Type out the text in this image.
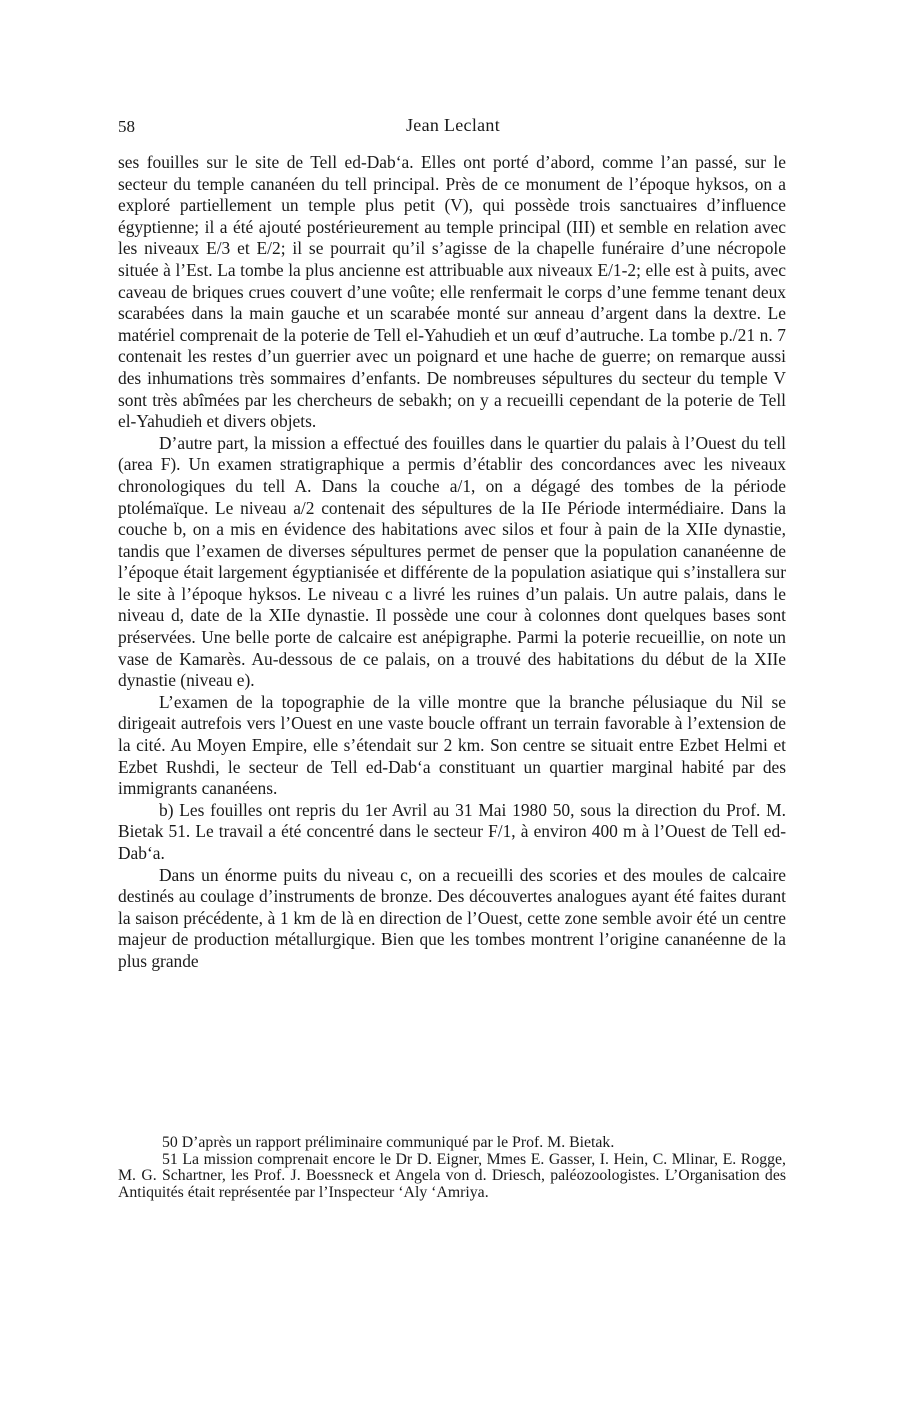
58	Jean Leclant

ses fouilles sur le site de Tell ed-Dab‘a. Elles ont porté d’abord, comme l’an passé, sur le secteur du temple cananéen du tell principal. Près de ce monument de l’époque hyksos, on a exploré partiellement un temple plus petit (V), qui possède trois sanctuaires d’influence égyptienne; il a été ajouté postérieurement au temple principal (III) et semble en relation avec les niveaux E/3 et E/2; il se pourrait qu’il s’agisse de la chapelle funéraire d’une nécropole située à l’Est. La tombe la plus ancienne est attribuable aux niveaux E/1-2; elle est à puits, avec caveau de briques crues couvert d’une voûte; elle renfermait le corps d’une femme tenant deux scarabées dans la main gauche et un scarabée monté sur anneau d’argent dans la dextre. Le matériel comprenait de la poterie de Tell el-Yahudieh et un œuf d’autruche. La tombe p./21 n. 7 contenait les restes d’un guerrier avec un poignard et une hache de guerre; on remarque aussi des inhumations très sommaires d’enfants. De nombreuses sépultures du secteur du temple V sont très abîmées par les chercheurs de sebakh; on y a recueilli cependant de la poterie de Tell el-Yahudieh et divers objets.

D’autre part, la mission a effectué des fouilles dans le quartier du palais à l’Ouest du tell (area F). Un examen stratigraphique a permis d’établir des concordances avec les niveaux chronologiques du tell A. Dans la couche a/1, on a dégagé des tombes de la période ptolémaïque. Le niveau a/2 contenait des sépultures de la IIe Période intermédiaire. Dans la couche b, on a mis en évidence des habitations avec silos et four à pain de la XIIe dynastie, tandis que l’examen de diverses sépultures permet de penser que la population cananéenne de l’époque était largement égyptianisée et différente de la population asiatique qui s’installera sur le site à l’époque hyksos. Le niveau c a livré les ruines d’un palais. Un autre palais, dans le niveau d, date de la XIIe dynastie. Il possède une cour à colonnes dont quelques bases sont préservées. Une belle porte de calcaire est anépigraphe. Parmi la poterie recueillie, on note un vase de Kamarès. Au-dessous de ce palais, on a trouvé des habitations du début de la XIIe dynastie (niveau e).

L’examen de la topographie de la ville montre que la branche pélusiaque du Nil se dirigeait autrefois vers l’Ouest en une vaste boucle offrant un terrain favorable à l’extension de la cité. Au Moyen Empire, elle s’étendait sur 2 km. Son centre se situait entre Ezbet Helmi et Ezbet Rushdi, le secteur de Tell ed-Dab‘a constituant un quartier marginal habité par des immigrants cananéens.

b) Les fouilles ont repris du 1er Avril au 31 Mai 1980 50, sous la direction du Prof. M. Bietak 51. Le travail a été concentré dans le secteur F/1, à environ 400 m à l’Ouest de Tell ed-Dab‘a.

Dans un énorme puits du niveau c, on a recueilli des scories et des moules de calcaire destinés au coulage d’instruments de bronze. Des découvertes analogues ayant été faites durant la saison précédente, à 1 km de là en direction de l’Ouest, cette zone semble avoir été un centre majeur de production métallurgique. Bien que les tombes montrent l’origine cananéenne de la plus grande

50 D’après un rapport préliminaire communiqué par le Prof. M. Bietak.

51 La mission comprenait encore le Dr D. Eigner, Mmes E. Gasser, I. Hein, C. Mlinar, E. Rogge, M. G. Schartner, les Prof. J. Boessneck et Angela von d. Driesch, paléozoologistes. L’Organisation des Antiquités était représentée par l’Inspecteur ‘Aly ‘Amriya.
